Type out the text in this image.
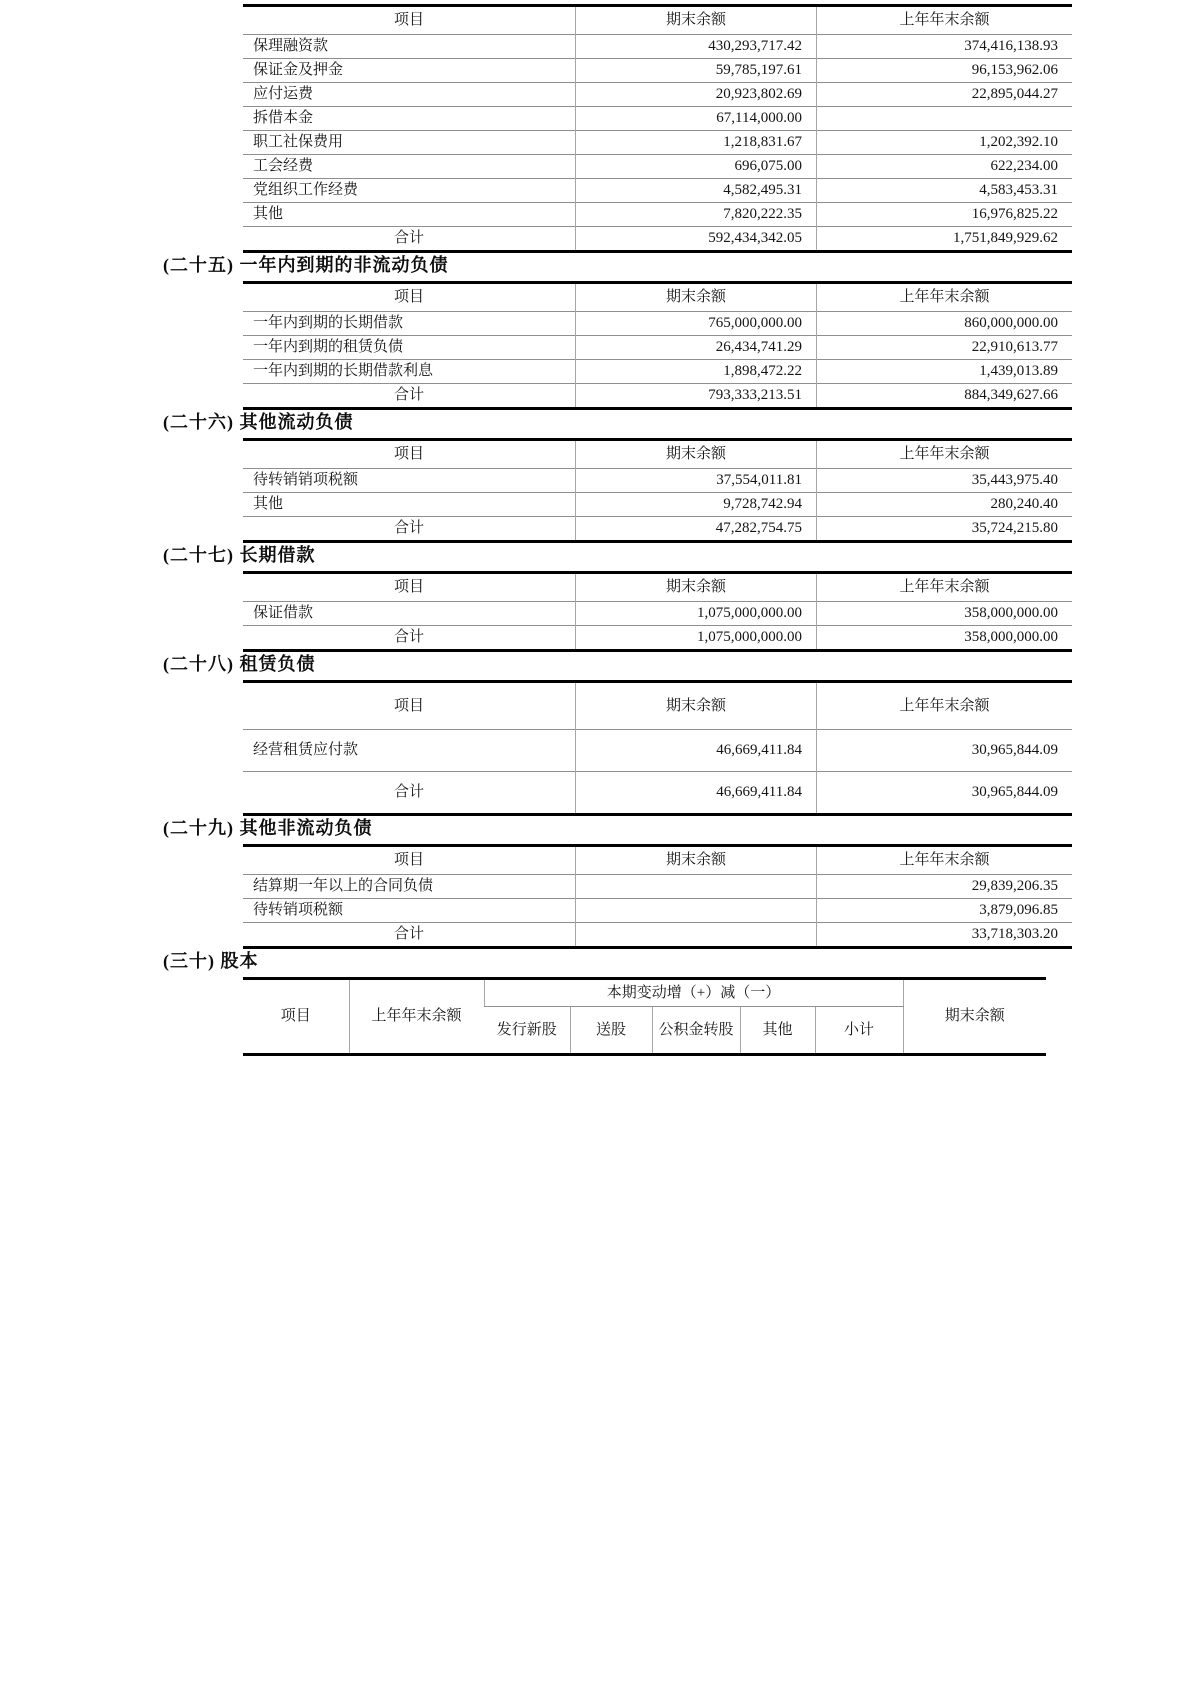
项目	期末余额	上年年末余额
保理融资款	430,293,717.42	374,416,138.93
保证金及押金	59,785,197.61	96,153,962.06
应付运费	20,923,802.69	22,895,044.27
拆借本金	67,114,000.00	
职工社保费用	1,218,831.67	1,202,392.10
工会经费	696,075.00	622,234.00
党组织工作经费	4,582,495.31	4,583,453.31
其他	7,820,222.35	16,976,825.22
合计	592,434,342.05	1,751,849,929.62
(二十五) 一年内到期的非流动负债
项目	期末余额	上年年末余额
一年内到期的长期借款	765,000,000.00	860,000,000.00
一年内到期的租赁负债	26,434,741.29	22,910,613.77
一年内到期的长期借款利息	1,898,472.22	1,439,013.89
合计	793,333,213.51	884,349,627.66
(二十六) 其他流动负债
项目	期末余额	上年年末余额
待转销销项税额	37,554,011.81	35,443,975.40
其他	9,728,742.94	280,240.40
合计	47,282,754.75	35,724,215.80
(二十七) 长期借款
项目	期末余额	上年年末余额
保证借款	1,075,000,000.00	358,000,000.00
合计	1,075,000,000.00	358,000,000.00
(二十八) 租赁负债
项目	期末余额	上年年末余额
经营租赁应付款	46,669,411.84	30,965,844.09
合计	46,669,411.84	30,965,844.09
(二十九) 其他非流动负债
项目	期末余额	上年年末余额
结算期一年以上的合同负债		29,839,206.35
待转销项税额		3,879,096.85
合计		33,718,303.20
(三十) 股本
项目	上年年末余额	本期变动增（+）减（一）					期末余额
		发行新股	送股	公积金转股	其他	小计	
